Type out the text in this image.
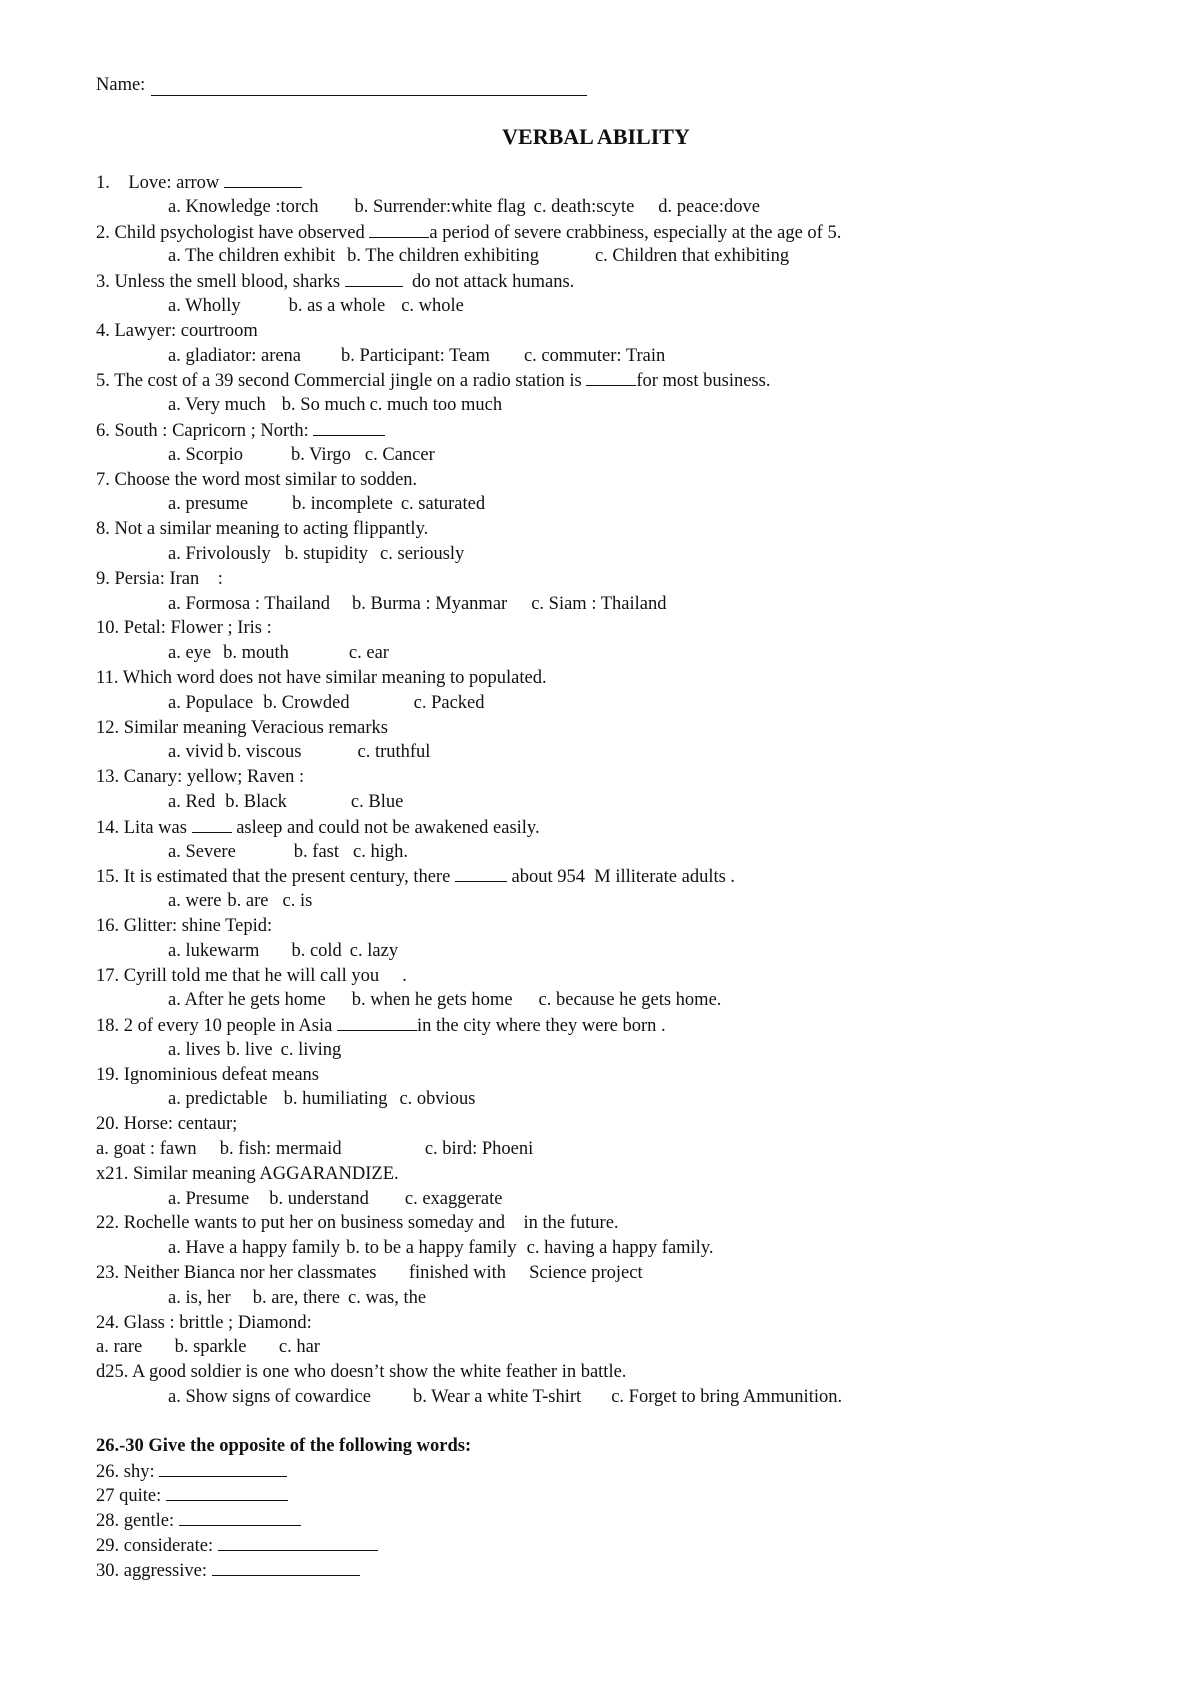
Name:
VERBAL ABILITY
1.    Love: arrow
a. Knowledge :torch b. Surrender:white flag c. death:scyte d. peace:dove
2. Child psychologist have observed	a period of severe crabbiness, especially at the age of 5.
a. The children exhibit b. The children exhibiting	c. Children that exhibiting
3. Unless the smell blood, sharks	do not attack humans.
a. Wholly	b. as a whole c. whole
4. Lawyer: courtroom
a. gladiator: arena b. Participant: Team c. commuter: Train
5. The cost of a 39 second Commercial jingle on a radio station is	for most business.
a. Very much b. So much c. much too much
6. South : Capricorn ; North:
a. Scorpio	b. Virgo c. Cancer
7. Choose the word most similar to sodden.
a. presume b. incomplete c. saturated
8. Not a similar meaning to acting flippantly.
a. Frivolously b. stupidity c. seriously
9. Persia: Iran    :
a. Formosa : Thailand b. Burma : Myanmar c. Siam : Thailand
10. Petal: Flower ; Iris :
a. eye b. mouth	c. ear
11. Which word does not have similar meaning to populated.
a. Populace b. Crowded	c. Packed
12. Similar meaning Veracious remarks
a. vivid b. viscous	c. truthful
13. Canary: yellow; Raven :
a. Red b. Black	c. Blue
14. Lita was  asleep and could not be awakened easily.
a. Severe	b. fast c. high.
15. It is estimated that the present century, there	about 954  M illiterate adults .
a. were b. are c. is
16. Glitter: shine Tepid:
a. lukewarm b. cold c. lazy
17. Cyrill told me that he will call you     .
a. After he gets home b. when he gets home c. because he gets home.
18. 2 of every 10 people in Asia	in the city where they were born .
a. lives b. live c. living
19. Ignominious defeat means
a. predictable b. humiliating c. obvious
20. Horse: centaur;
a. goat : fawn     b. fish: mermaid                  c. bird: Phoeni
x21. Similar meaning AGGARANDIZE.
a. Presume b. understand c. exaggerate
22. Rochelle wants to put her on business someday and    in the future.
a. Have a happy family b. to be a happy family c. having a happy family.
23. Neither Bianca nor her classmates       finished with     Science project
a. is, her b. are, there c. was, the
24. Glass : brittle ; Diamond:
a. rare       b. sparkle       c. har
d25. A good soldier is one who doesn’t show the white feather in battle.
a. Show signs of cowardice b. Wear a white T-shirt c. Forget to bring Ammunition.
26.-30 Give the opposite of the following words:
26. shy:
27 quite:
28. gentle:
29. considerate:
30. aggressive:
